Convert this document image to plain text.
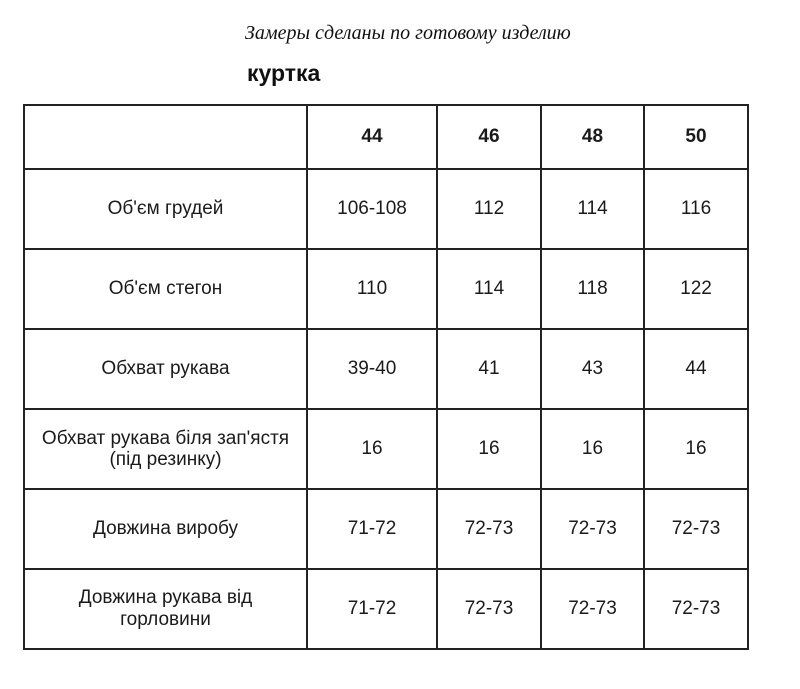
Замеры сделаны по готовому изделию
куртка
	44	46	48	50
Об'єм грудей	106-108	112	114	116
Об'єм стегон	110	114	118	122
Обхват рукава	39-40	41	43	44
Обхват рукава біля зап'ястя (під резинку)	16	16	16	16
Довжина виробу	71-72	72-73	72-73	72-73
Довжина рукава від горловини	71-72	72-73	72-73	72-73
